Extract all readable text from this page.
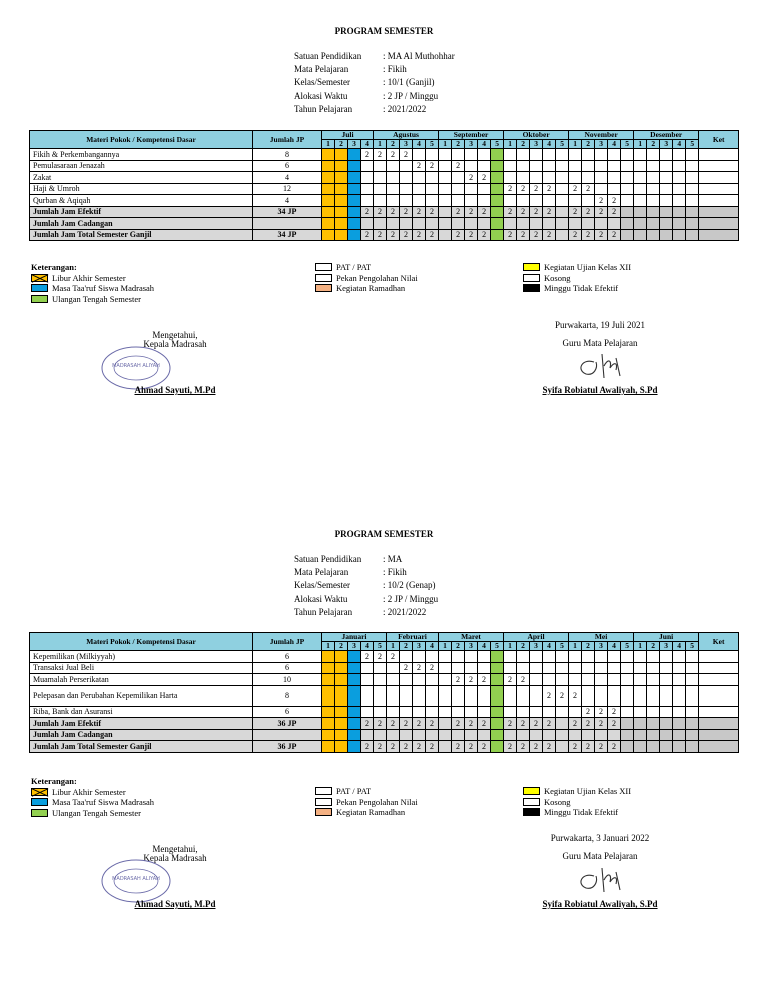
PROGRAM SEMESTER
Satuan Pendidikan	: MA Al Muthohhar
Mata Pelajaran	: Fikih
Kelas/Semester	: 10/1 (Ganjil)
Alokasi Waktu	: 2 JP / Minggu
Tahun Pelajaran	: 2021/2022
Materi Pokok / Kompetensi Dasar	Jumlah JP	Juli				Agustus					September					Oktober					November					Desember					Ket
		1	2	3	4	1	2	3	4	5	1	2	3	4	5	1	2	3	4	5	1	2	3	4	5	1	2	3	4	5	
Fikih & Perkembangannya	8				2	2	2	2																							
Pemulasaraan Jenazah	6								2	2		2																			
Zakat	4												2	2																	
Haji & Umroh	12															2	2	2	2		2	2									
Qurban & Aqiqah	4																						2	2							
Jumlah Jam Efektif	34 JP				2	2	2	2	2	2		2	2	2		2	2	2	2		2	2	2	2							
Jumlah Jam Cadangan																															
Jumlah Jam Total Semester Ganjil	34 JP				2	2	2	2	2	2		2	2	2		2	2	2	2		2	2	2	2							
Keterangan:
Libur Akhir Semester
Masa Taa'ruf Siswa Madrasah
Ulangan Tengah Semester
PAT / PAT
Pekan Pengolahan Nilai
Kegiatan Ramadhan
Kegiatan Ujian Kelas XII
Kosong
Minggu Tidak Efektif
Mengetahui,
Kepala Madrasah
MADRASAH ALIYAH
Ahmad Sayuti, M.Pd
Purwakarta, 19 Juli 2021
Guru Mata Pelajaran
Syifa Robiatul Awaliyah, S.Pd
PROGRAM SEMESTER
Satuan Pendidikan	: MA
Mata Pelajaran	: Fikih
Kelas/Semester	: 10/2 (Genap)
Alokasi Waktu	: 2 JP / Minggu
Tahun Pelajaran	: 2021/2022
Materi Pokok / Kompetensi Dasar	Jumlah JP	Januari					Februari				Maret					April					Mei					Juni					Ket
		1	2	3	4	5	1	2	3	4	1	2	3	4	5	1	2	3	4	5	1	2	3	4	5	1	2	3	4	5	
Kepemilikan (Milkiyyah)	6				2	2	2																								
Transaksi Jual Beli	6							2	2	2																					
Muamalah Perserikatan	10											2	2	2		2	2														
Pelepasan dan Perubahan Kepemilikan Harta	8																		2	2	2										
Riba, Bank dan Asuransi	6																					2	2	2							
Jumlah Jam Efektif	36 JP				2	2	2	2	2	2		2	2	2		2	2	2	2		2	2	2	2							
Jumlah Jam Cadangan																															
Jumlah Jam Total Semester Ganjil	36 JP				2	2	2	2	2	2		2	2	2		2	2	2	2		2	2	2	2							
Keterangan:
Libur Akhir Semester
Masa Taa'ruf Siswa Madrasah
Ulangan Tengah Semester
PAT / PAT
Pekan Pengolahan Nilai
Kegiatan Ramadhan
Kegiatan Ujian Kelas XII
Kosong
Minggu Tidak Efektif
Mengetahui,
Kepala Madrasah
MADRASAH ALIYAH
Ahmad Sayuti, M.Pd
Purwakarta, 3 Januari 2022
Guru Mata Pelajaran
Syifa Robiatul Awaliyah, S.Pd
